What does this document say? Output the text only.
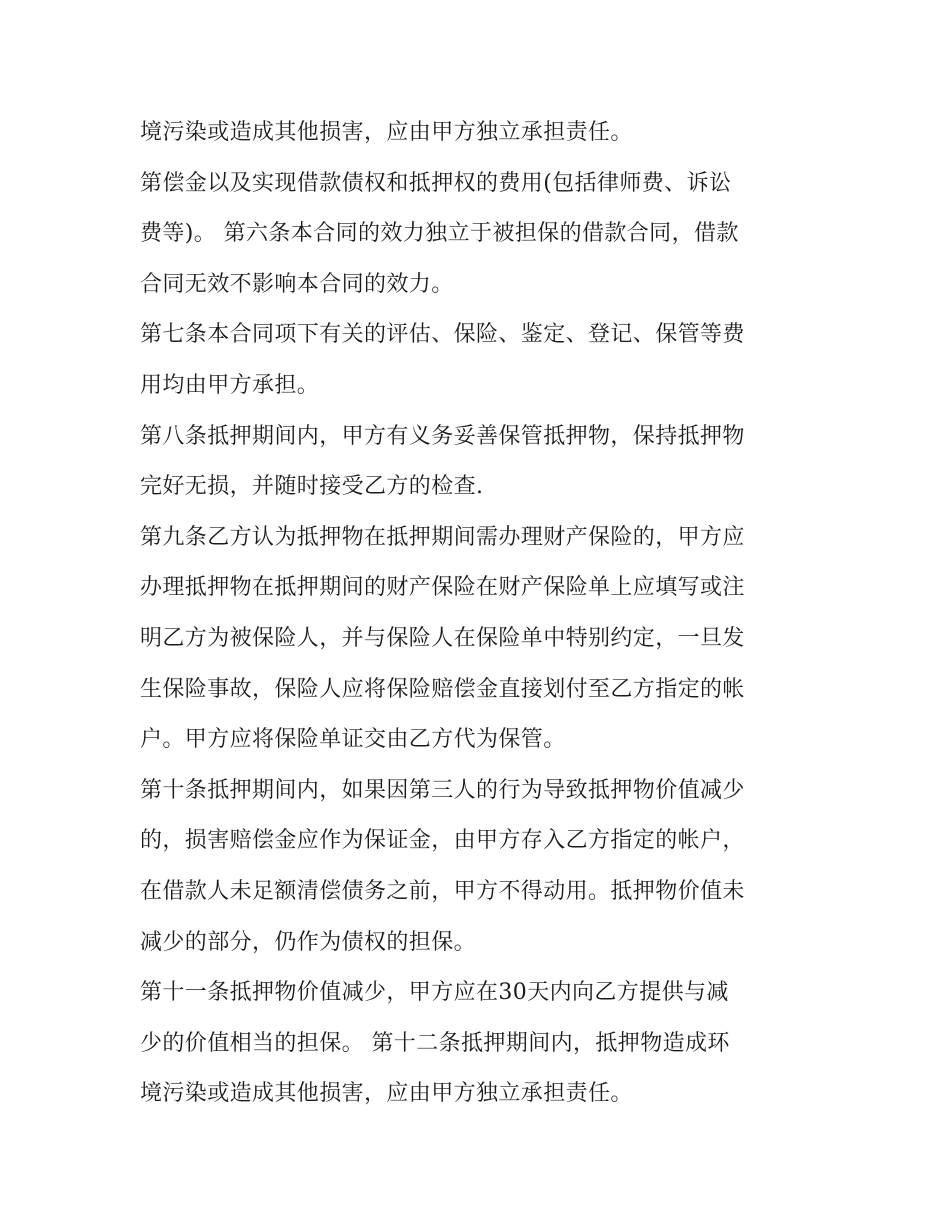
境污染或造成其他损害，应由甲方独立承担责任。
第偿金以及实现借款债权和抵押权的费用(包括律师费、诉讼
费等)。 第六条本合同的效力独立于被担保的借款合同，借款
合同无效不影响本合同的效力。
第七条本合同项下有关的评估、保险、鉴定、登记、保管等费
用均由甲方承担。
第八条抵押期间内，甲方有义务妥善保管抵押物，保持抵押物
完好无损，并随时接受乙方的检查.
第九条乙方认为抵押物在抵押期间需办理财产保险的，甲方应
办理抵押物在抵押期间的财产保险在财产保险单上应填写或注
明乙方为被保险人，并与保险人在保险单中特别约定，一旦发
生保险事故，保险人应将保险赔偿金直接划付至乙方指定的帐
户。甲方应将保险单证交由乙方代为保管。
第十条抵押期间内，如果因第三人的行为导致抵押物价值减少
的，损害赔偿金应作为保证金，由甲方存入乙方指定的帐户，
在借款人未足额清偿债务之前，甲方不得动用。抵押物价值未
减少的部分，仍作为债权的担保。
第十一条抵押物价值减少，甲方应在30天内向乙方提供与减
少的价值相当的担保。 第十二条抵押期间内，抵押物造成环
境污染或造成其他损害，应由甲方独立承担责任。
